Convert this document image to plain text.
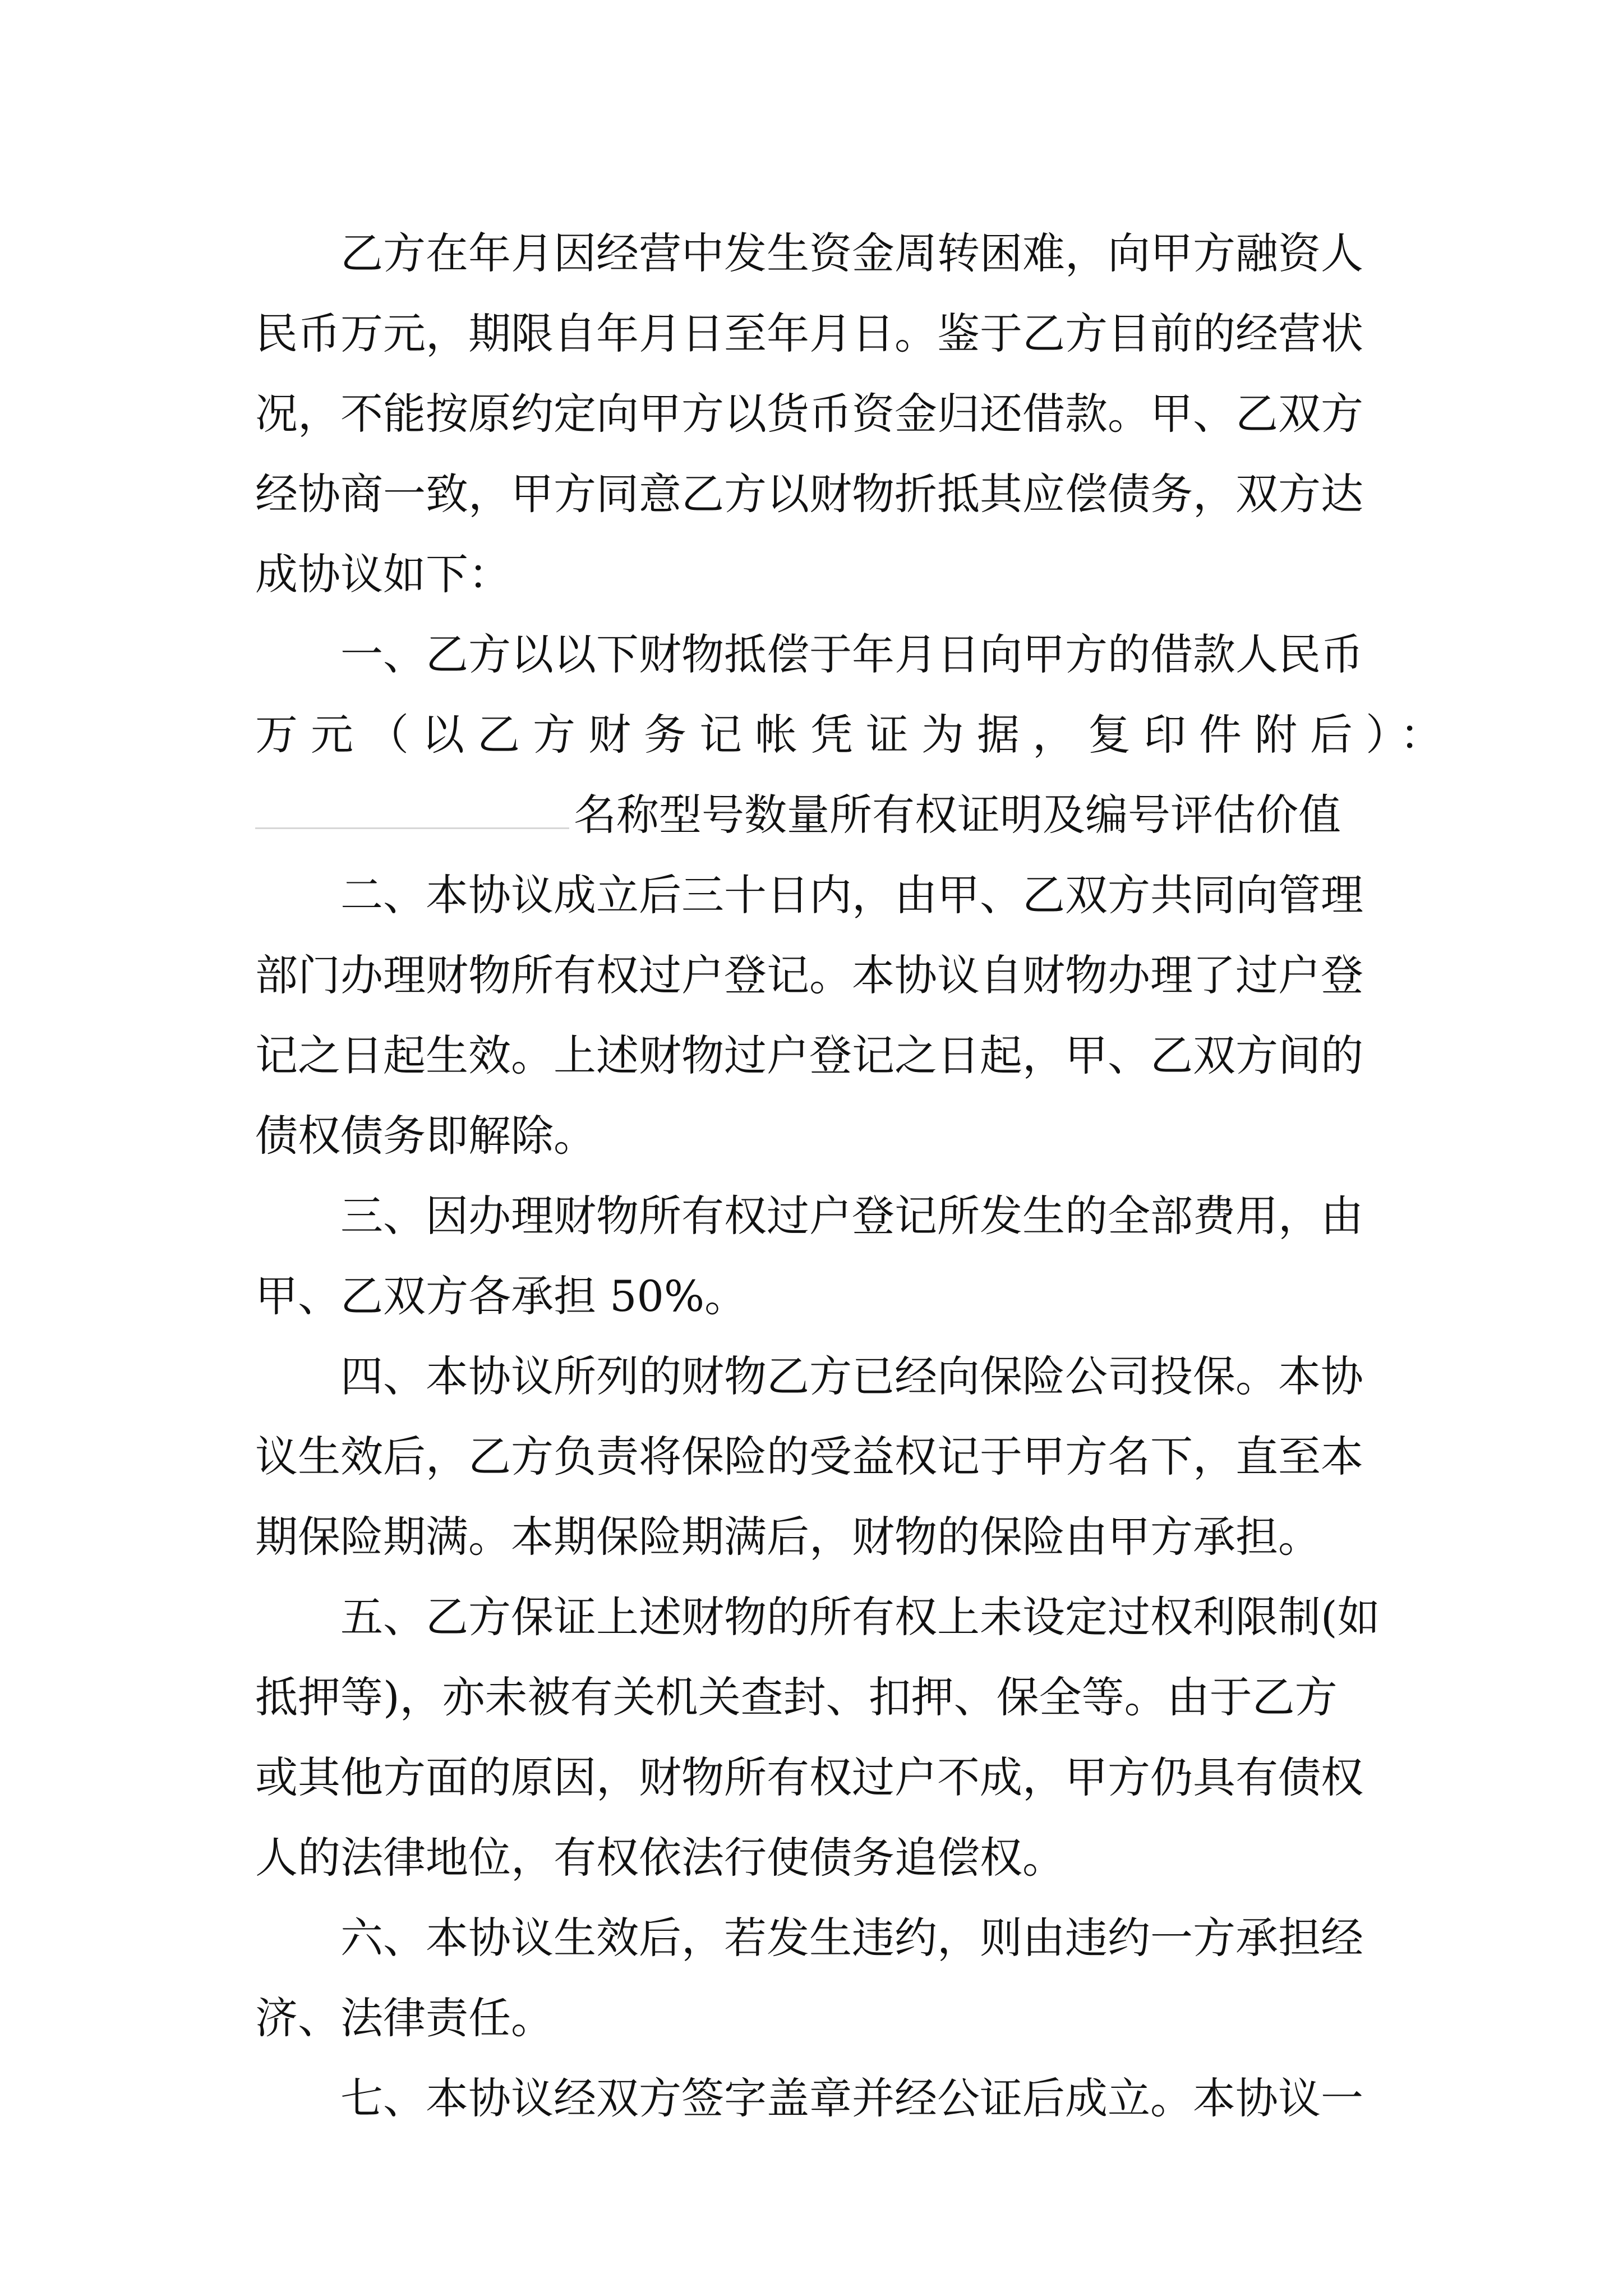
乙方在年月因经营中发生资金周转困难，向甲方融资人
民币万元，期限自年月日至年月日。鉴于乙方目前的经营状
况，不能按原约定向甲方以货币资金归还借款。甲、乙双方
经协商一致，甲方同意乙方以财物折抵其应偿债务，双方达
成协议如下：
一、乙方以以下财物抵偿于年月日向甲方的借款人民币
万元（以乙方财务记帐凭证为据，复印件附后）：
名称型号数量所有权证明及编号评估价值
二、本协议成立后三十日内，由甲、乙双方共同向管理
部门办理财物所有权过户登记。本协议自财物办理了过户登
记之日起生效。上述财物过户登记之日起，甲、乙双方间的
债权债务即解除。
三、因办理财物所有权过户登记所发生的全部费用，由
甲、乙双方各承担 50%。
四、本协议所列的财物乙方已经向保险公司投保。本协
议生效后，乙方负责将保险的受益权记于甲方名下，直至本
期保险期满。本期保险期满后，财物的保险由甲方承担。
五、乙方保证上述财物的所有权上未设定过权利限制(如
抵押等)，亦未被有关机关查封、扣押、保全等。由于乙方
或其他方面的原因，财物所有权过户不成，甲方仍具有债权
人的法律地位，有权依法行使债务追偿权。
六、本协议生效后，若发生违约，则由违约一方承担经
济、法律责任。
七、本协议经双方签字盖章并经公证后成立。本协议一
